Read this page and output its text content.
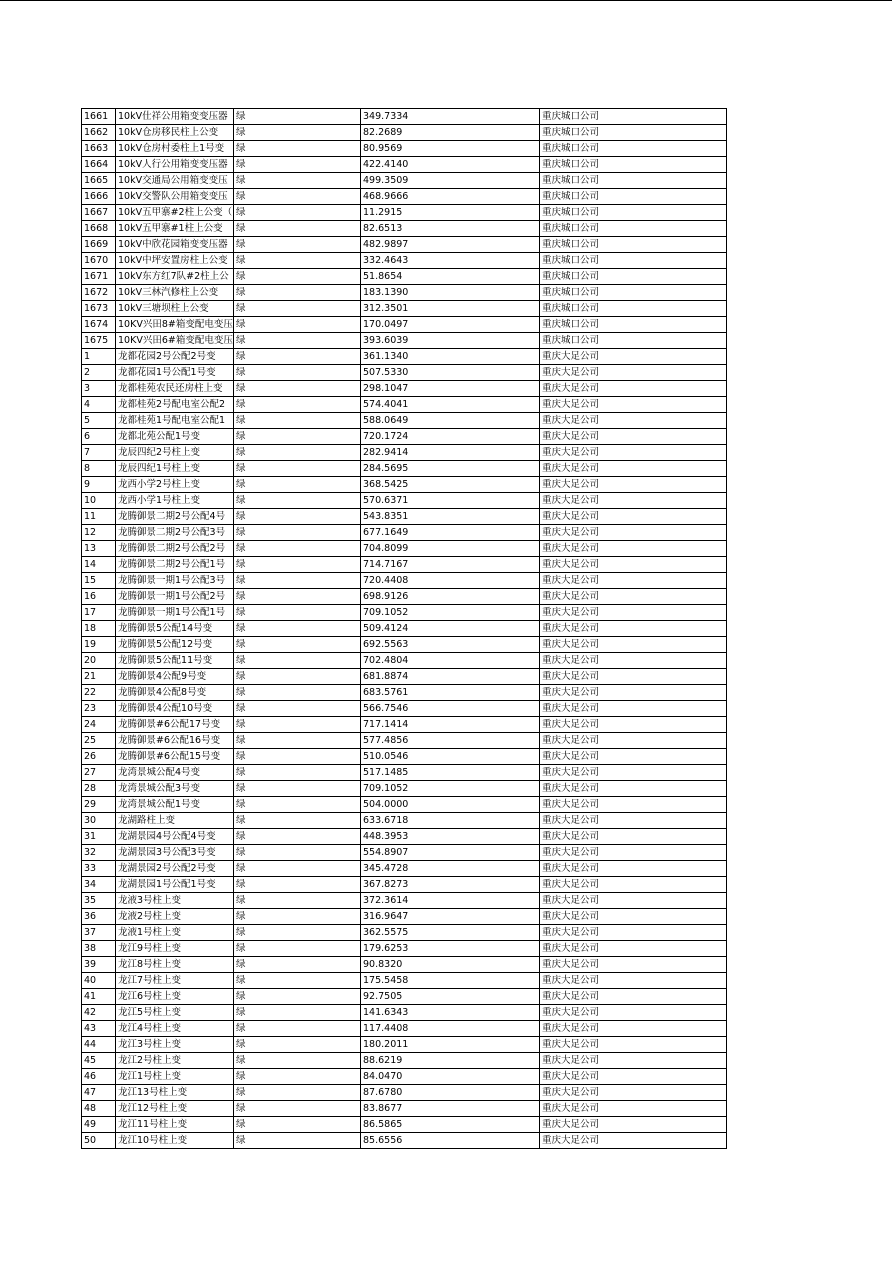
1661	10kV仕祥公用箱变变压器	绿	349.7334	重庆城口公司
1662	10kV仓房移民柱上公变	绿	82.2689	重庆城口公司
1663	10kV仓房村委柱上1号变	绿	80.9569	重庆城口公司
1664	10kV人行公用箱变变压器	绿	422.4140	重庆城口公司
1665	10kV交通局公用箱变变压	绿	499.3509	重庆城口公司
1666	10kV交警队公用箱变变压	绿	468.9666	重庆城口公司
1667	10kV五甲寨#2柱上公变（	绿	11.2915	重庆城口公司
1668	10kV五甲寨#1柱上公变	绿	82.6513	重庆城口公司
1669	10kV中欣花园箱变变压器	绿	482.9897	重庆城口公司
1670	10kV中坪安置房柱上公变	绿	332.4643	重庆城口公司
1671	10kV东方红7队#2柱上公	绿	51.8654	重庆城口公司
1672	10kV三林汽修柱上公变	绿	183.1390	重庆城口公司
1673	10kV三塘坝柱上公变	绿	312.3501	重庆城口公司
1674	10KV兴田8#箱变配电变压	绿	170.0497	重庆城口公司
1675	10KV兴田6#箱变配电变压	绿	393.6039	重庆城口公司
1	龙都花园2号公配2号变	绿	361.1340	重庆大足公司
2	龙都花园1号公配1号变	绿	507.5330	重庆大足公司
3	龙都桂苑农民还房柱上变	绿	298.1047	重庆大足公司
4	龙都桂苑2号配电室公配2	绿	574.4041	重庆大足公司
5	龙都桂苑1号配电室公配1	绿	588.0649	重庆大足公司
6	龙都北苑公配1号变	绿	720.1724	重庆大足公司
7	龙辰四纪2号柱上变	绿	282.9414	重庆大足公司
8	龙辰四纪1号柱上变	绿	284.5695	重庆大足公司
9	龙西小学2号柱上变	绿	368.5425	重庆大足公司
10	龙西小学1号柱上变	绿	570.6371	重庆大足公司
11	龙腾御景二期2号公配4号	绿	543.8351	重庆大足公司
12	龙腾御景二期2号公配3号	绿	677.1649	重庆大足公司
13	龙腾御景二期2号公配2号	绿	704.8099	重庆大足公司
14	龙腾御景二期2号公配1号	绿	714.7167	重庆大足公司
15	龙腾御景一期1号公配3号	绿	720.4408	重庆大足公司
16	龙腾御景一期1号公配2号	绿	698.9126	重庆大足公司
17	龙腾御景一期1号公配1号	绿	709.1052	重庆大足公司
18	龙腾御景5公配14号变	绿	509.4124	重庆大足公司
19	龙腾御景5公配12号变	绿	692.5563	重庆大足公司
20	龙腾御景5公配11号变	绿	702.4804	重庆大足公司
21	龙腾御景4公配9号变	绿	681.8874	重庆大足公司
22	龙腾御景4公配8号变	绿	683.5761	重庆大足公司
23	龙腾御景4公配10号变	绿	566.7546	重庆大足公司
24	龙腾御景#6公配17号变	绿	717.1414	重庆大足公司
25	龙腾御景#6公配16号变	绿	577.4856	重庆大足公司
26	龙腾御景#6公配15号变	绿	510.0546	重庆大足公司
27	龙湾景城公配4号变	绿	517.1485	重庆大足公司
28	龙湾景城公配3号变	绿	709.1052	重庆大足公司
29	龙湾景城公配1号变	绿	504.0000	重庆大足公司
30	龙湖路柱上变	绿	633.6718	重庆大足公司
31	龙湖景园4号公配4号变	绿	448.3953	重庆大足公司
32	龙湖景园3号公配3号变	绿	554.8907	重庆大足公司
33	龙湖景园2号公配2号变	绿	345.4728	重庆大足公司
34	龙湖景园1号公配1号变	绿	367.8273	重庆大足公司
35	龙液3号柱上变	绿	372.3614	重庆大足公司
36	龙液2号柱上变	绿	316.9647	重庆大足公司
37	龙液1号柱上变	绿	362.5575	重庆大足公司
38	龙江9号柱上变	绿	179.6253	重庆大足公司
39	龙江8号柱上变	绿	90.8320	重庆大足公司
40	龙江7号柱上变	绿	175.5458	重庆大足公司
41	龙江6号柱上变	绿	92.7505	重庆大足公司
42	龙江5号柱上变	绿	141.6343	重庆大足公司
43	龙江4号柱上变	绿	117.4408	重庆大足公司
44	龙江3号柱上变	绿	180.2011	重庆大足公司
45	龙江2号柱上变	绿	88.6219	重庆大足公司
46	龙江1号柱上变	绿	84.0470	重庆大足公司
47	龙江13号柱上变	绿	87.6780	重庆大足公司
48	龙江12号柱上变	绿	83.8677	重庆大足公司
49	龙江11号柱上变	绿	86.5865	重庆大足公司
50	龙江10号柱上变	绿	85.6556	重庆大足公司
